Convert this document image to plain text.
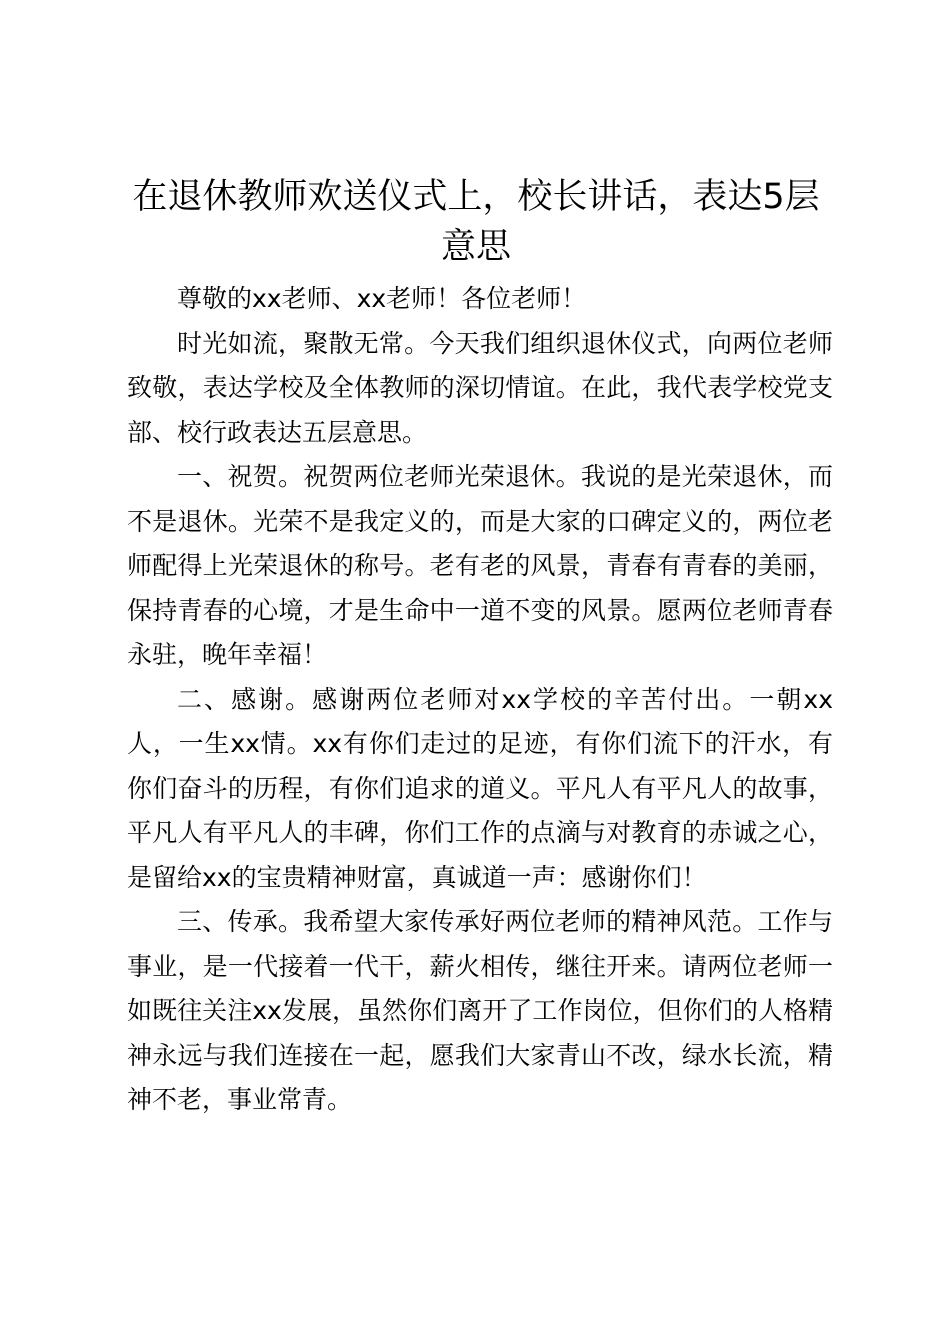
在退休教师欢送仪式上，校长讲话，表达5层意思

尊敬的xx老师、xx老师！各位老师！

时光如流，聚散无常。今天我们组织退休仪式，向两位老师致敬，表达学校及全体教师的深切情谊。在此，我代表学校党支部、校行政表达五层意思。

一、祝贺。祝贺两位老师光荣退休。我说的是光荣退休，而不是退休。光荣不是我定义的，而是大家的口碑定义的，两位老师配得上光荣退休的称号。老有老的风景，青春有青春的美丽，保持青春的心境，才是生命中一道不变的风景。愿两位老师青春永驻，晚年幸福！

二、感谢。感谢两位老师对xx学校的辛苦付出。一朝xx人，一生xx情。xx有你们走过的足迹，有你们流下的汗水，有你们奋斗的历程，有你们追求的道义。平凡人有平凡人的故事，平凡人有平凡人的丰碑，你们工作的点滴与对教育的赤诚之心，是留给xx的宝贵精神财富，真诚道一声：感谢你们！

三、传承。我希望大家传承好两位老师的精神风范。工作与事业，是一代接着一代干，薪火相传，继往开来。请两位老师一如既往关注xx发展，虽然你们离开了工作岗位，但你们的人格精神永远与我们连接在一起，愿我们大家青山不改，绿水长流，精神不老，事业常青。
